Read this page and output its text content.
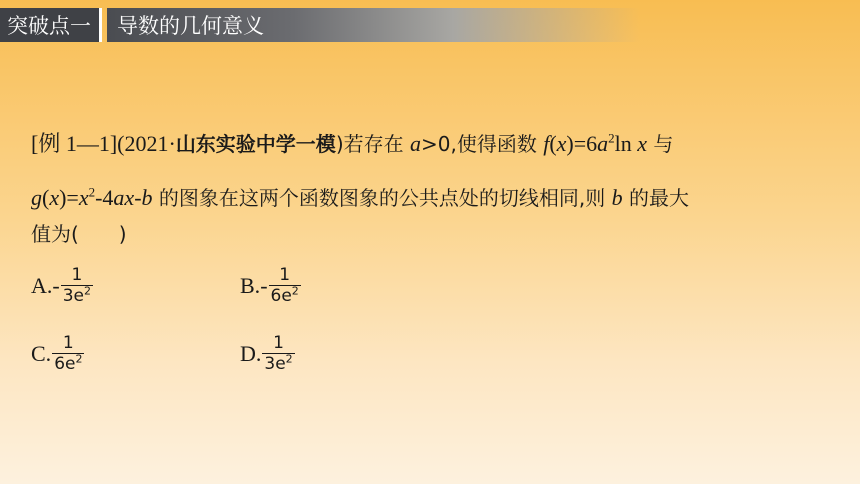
突破点一	导数的几何意义
[例 1—1](2021·山东实验中学一模)若存在 a>0,使得函数 $f(x)=6a^2\ln$ x 与
$g(x)=x^2-4ax-b$ 的图象在这两个函数图象的公共点处的切线相同,则 b 的最大
值为(　　)
A. - $\frac{1}{3e^2}$	B. - $\frac{1}{6e^2}$
C. $\frac{1}{6e^2}$	D. $\frac{1}{3e^2}$
